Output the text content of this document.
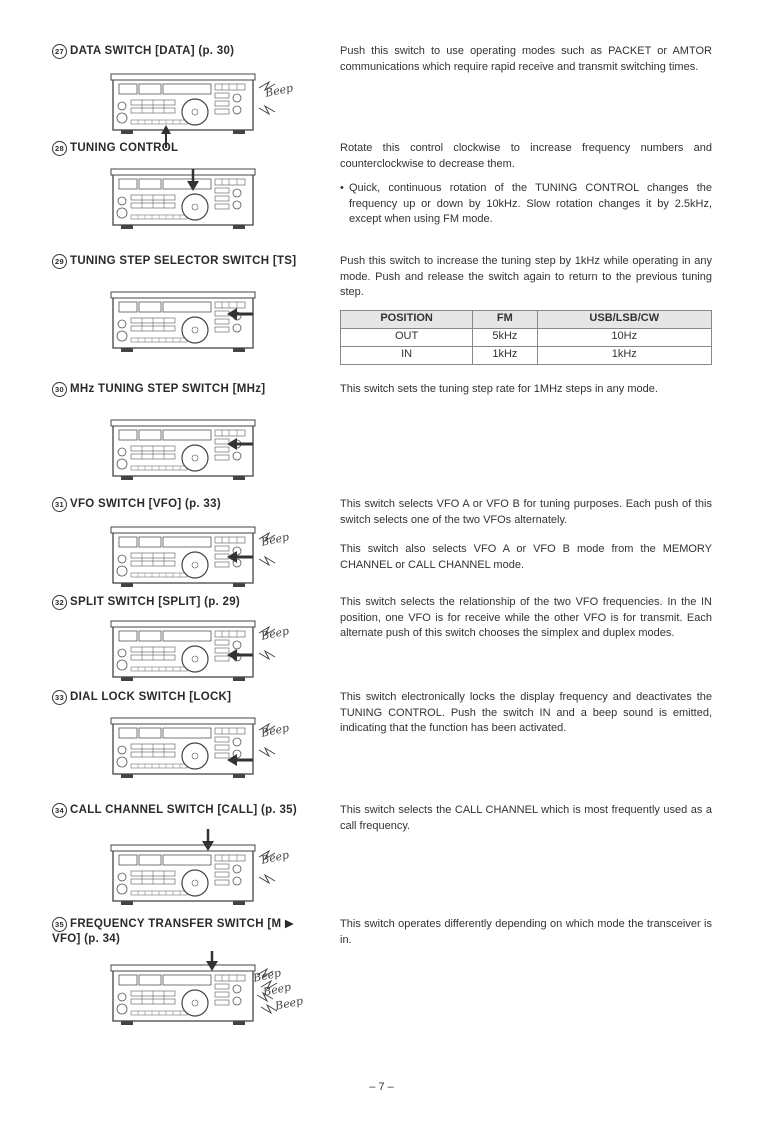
27 DATA SWITCH [DATA] (p. 30)	Push this switch to use operating modes such as PACKET or AMTOR communications which require rapid receive and transmit switching times.

Beep
28 TUNING CONTROL	Rotate this control clockwise to increase frequency numbers and counterclockwise to decrease them.

• Quick, continuous rotation of the TUNING CONTROL changes the frequency up or down by 10kHz. Slow rotation changes it by 2.5kHz, except when using FM mode.
29 TUNING STEP SELECTOR SWITCH [TS]	Push this switch to increase the tuning step by 1kHz while operating in any mode. Push and release the switch again to return to the previous tuning step.

POSITION	FM	USB/LSB/CW
OUT	5kHz	10Hz
IN	1kHz	1kHz
30 MHz TUNING STEP SWITCH [MHz]	This switch sets the tuning step rate for 1MHz steps in any mode.

31 VFO SWITCH [VFO] (p. 33)	This switch selects VFO A or VFO B for tuning purposes. Each push of this switch selects one of the two VFOs alternately.

This switch also selects VFO A or VFO B mode from the MEMORY CHANNEL or CALL CHANNEL mode.

Beep
32 SPLIT SWITCH [SPLIT] (p. 29)	This switch selects the relationship of the two VFO frequencies. In the IN position, one VFO is for receive while the other VFO is for transmit. Each alternate push of this switch chooses the simplex and duplex modes.

Beep
33 DIAL LOCK SWITCH [LOCK]	This switch electronically locks the display frequency and deactivates the TUNING CONTROL. Push the switch IN and a beep sound is emitted, indicating that the function has been activated.

Beep
34 CALL CHANNEL SWITCH [CALL] (p. 35)	This switch selects the CALL CHANNEL which is most frequently used as a call frequency.

Beep
35 FREQUENCY TRANSFER SWITCH [M ▶ VFO] (p. 34)

This switch operates differently depending on which mode the transceiver is in.

Beep
Beep
Beep
– 7 –
